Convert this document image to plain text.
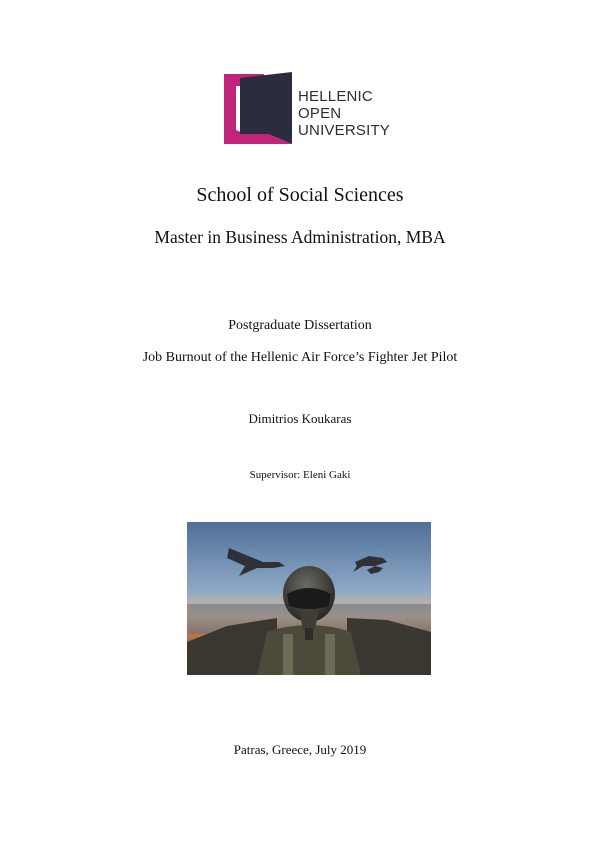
HELLENIC
OPEN
UNIVERSITY
School of Social Sciences
Master in Business Administration, MBA
Postgraduate Dissertation
Job Burnout of the Hellenic Air Force’s Fighter Jet Pilot
Dimitrios Koukaras
Supervisor: Eleni Gaki
Patras, Greece, July 2019
